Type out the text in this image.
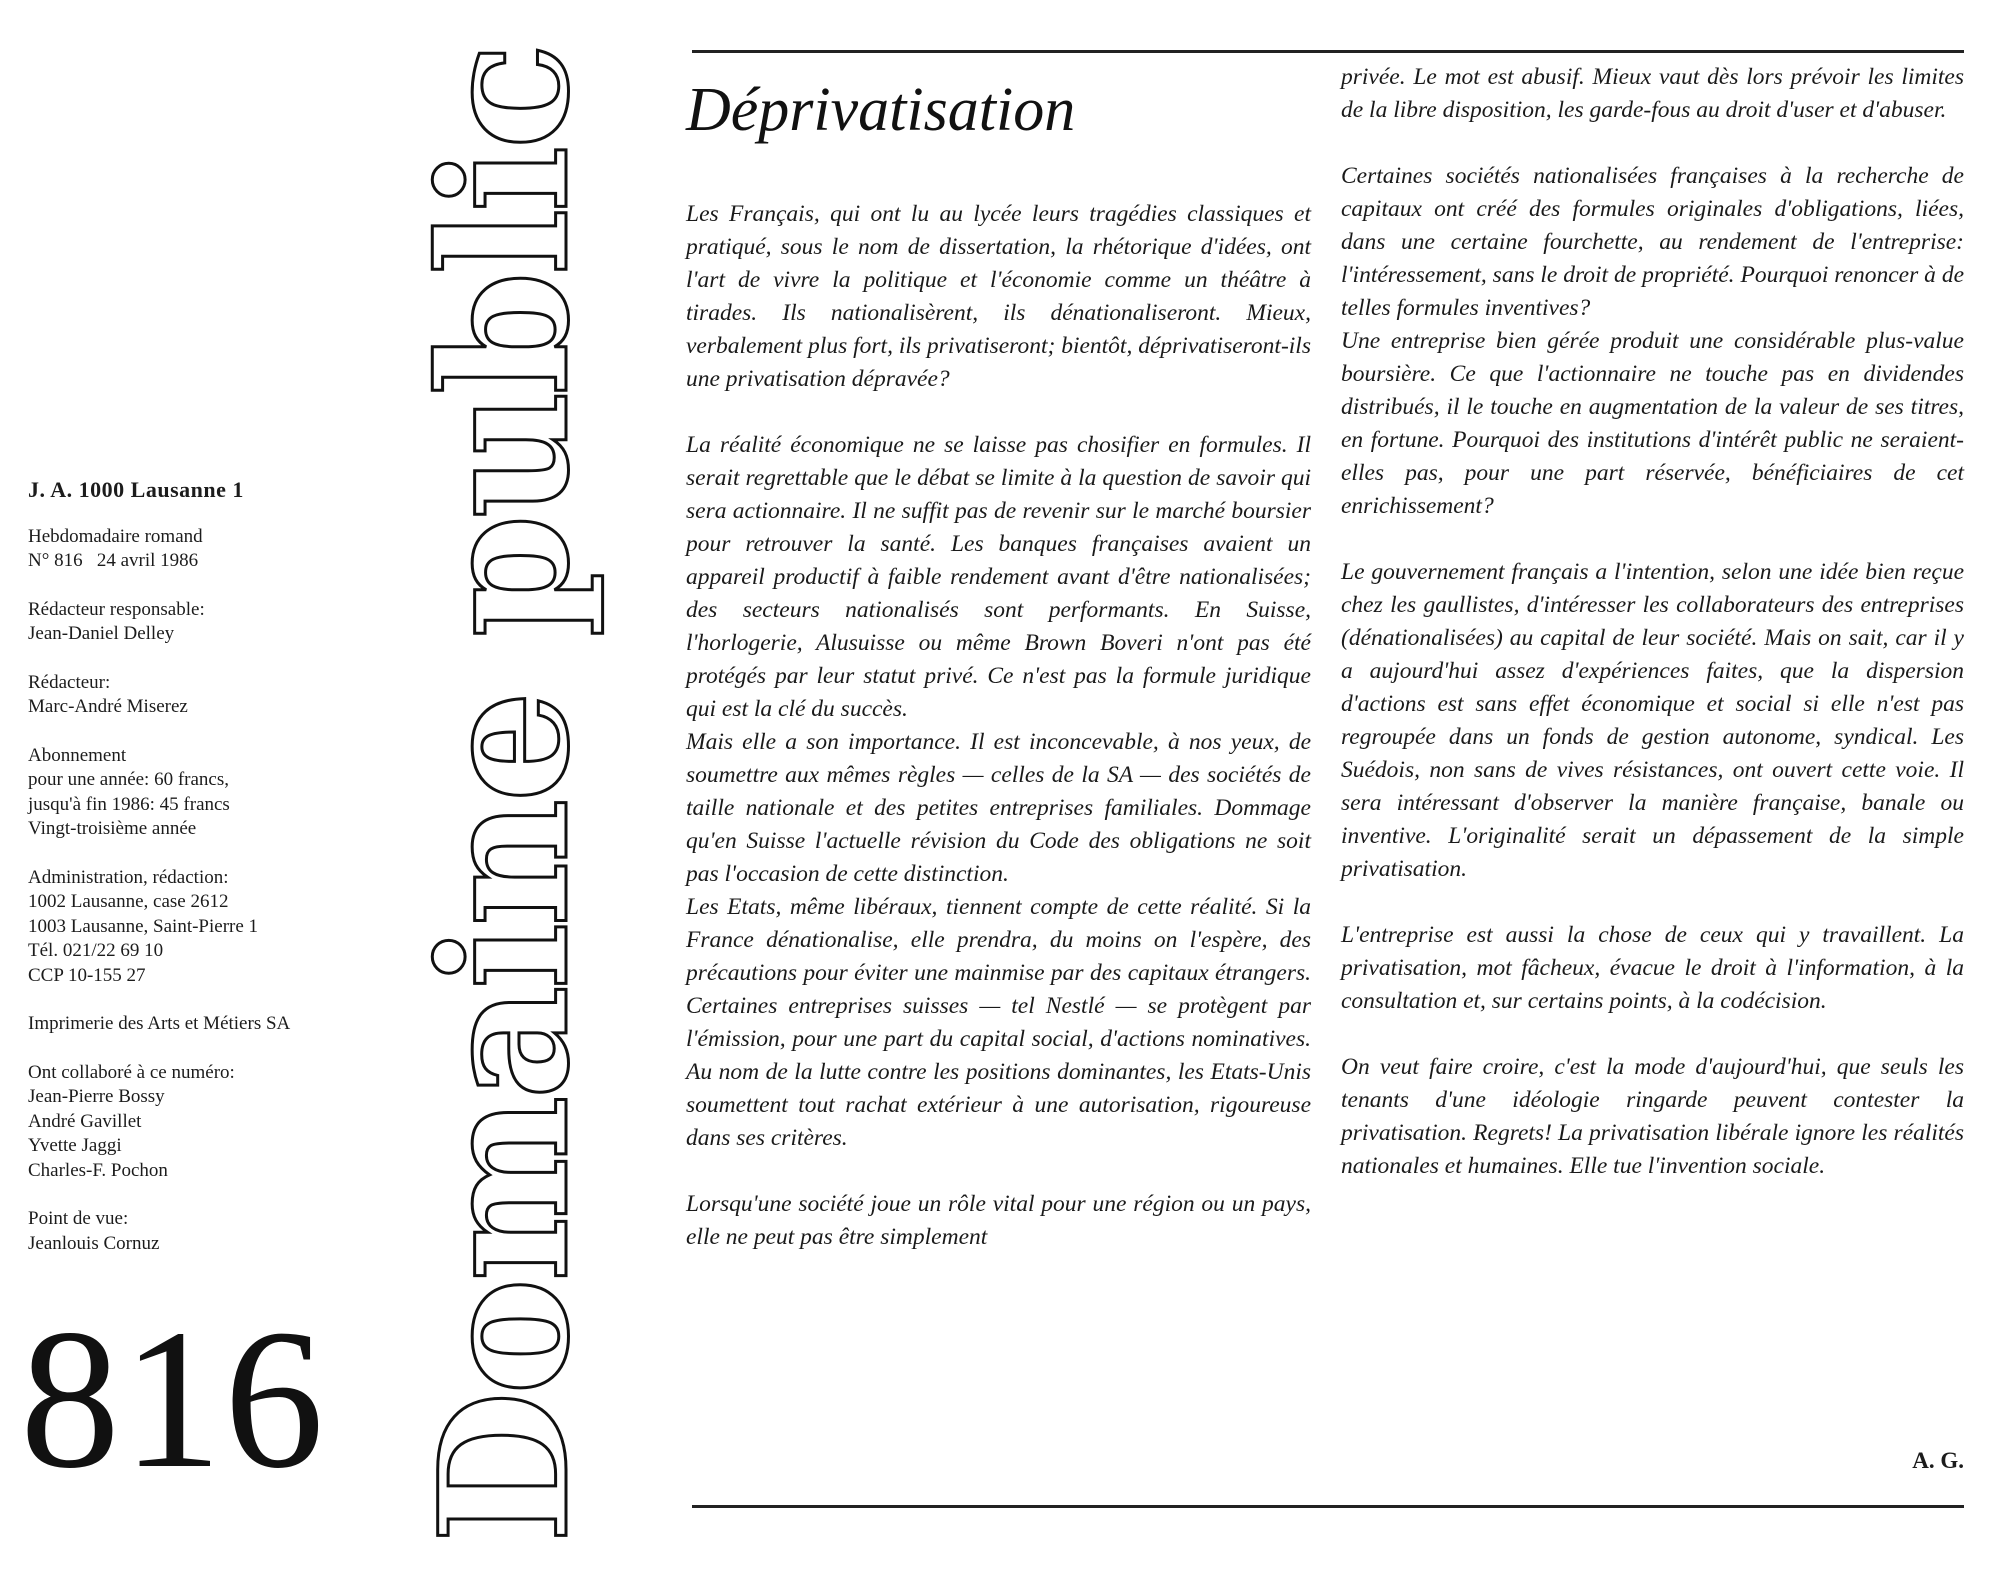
J. A. 1000 Lausanne 1
Hebdomadaire romand
N° 816   24 avril 1986
Rédacteur responsable:
Jean-Daniel Delley
Rédacteur:
Marc-André Miserez
Abonnement
pour une année: 60 francs,
jusqu'à fin 1986: 45 francs
Vingt-troisième année
Administration, rédaction:
1002 Lausanne, case 2612
1003 Lausanne, Saint-Pierre 1
Tél. 021/22 69 10
CCP 10-155 27
Imprimerie des Arts et Métiers SA
Ont collaboré à ce numéro:
Jean-Pierre Bossy
André Gavillet
Yvette Jaggi
Charles-F. Pochon
Point de vue:
Jeanlouis Cornuz
816 Domaine public Déprivatisation

Les Français, qui ont lu au lycée leurs tragédies classiques et pratiqué, sous le nom de dissertation, la rhétorique d'idées, ont l'art de vivre la politique et l'économie comme un théâtre à tirades. Ils nationalisèrent, ils dénationaliseront. Mieux, verbalement plus fort, ils privatiseront; bientôt, déprivatiseront-ils une privatisation dépravée?

La réalité économique ne se laisse pas chosifier en formules. Il serait regrettable que le débat se limite à la question de savoir qui sera actionnaire. Il ne suffit pas de revenir sur le marché boursier pour retrouver la santé. Les banques françaises avaient un appareil productif à faible rendement avant d'être nationalisées; des secteurs nationalisés sont performants. En Suisse, l'horlogerie, Alusuisse ou même Brown Boveri n'ont pas été protégés par leur statut privé. Ce n'est pas la formule juridique qui est la clé du succès.

Mais elle a son importance. Il est inconcevable, à nos yeux, de soumettre aux mêmes règles — celles de la SA — des sociétés de taille nationale et des petites entreprises familiales. Dommage qu'en Suisse l'actuelle révision du Code des obligations ne soit pas l'occasion de cette distinction.

Les Etats, même libéraux, tiennent compte de cette réalité. Si la France dénationalise, elle prendra, du moins on l'espère, des précautions pour éviter une mainmise par des capitaux étrangers. Certaines entreprises suisses — tel Nestlé — se protègent par l'émission, pour une part du capital social, d'actions nominatives. Au nom de la lutte contre les positions dominantes, les Etats-Unis soumettent tout rachat extérieur à une autorisation, rigoureuse dans ses critères.

Lorsqu'une société joue un rôle vital pour une région ou un pays, elle ne peut pas être simplement

privée. Le mot est abusif. Mieux vaut dès lors prévoir les limites de la libre disposition, les garde-fous au droit d'user et d'abuser.

Certaines sociétés nationalisées françaises à la recherche de capitaux ont créé des formules originales d'obligations, liées, dans une certaine fourchette, au rendement de l'entreprise: l'intéressement, sans le droit de propriété. Pourquoi renoncer à de telles formules inventives?

Une entreprise bien gérée produit une considérable plus-value boursière. Ce que l'actionnaire ne touche pas en dividendes distribués, il le touche en augmentation de la valeur de ses titres, en fortune. Pourquoi des institutions d'intérêt public ne seraient-elles pas, pour une part réservée, bénéficiaires de cet enrichissement?

Le gouvernement français a l'intention, selon une idée bien reçue chez les gaullistes, d'intéresser les collaborateurs des entreprises (dénationalisées) au capital de leur société. Mais on sait, car il y a aujourd'hui assez d'expériences faites, que la dispersion d'actions est sans effet économique et social si elle n'est pas regroupée dans un fonds de gestion autonome, syndical. Les Suédois, non sans de vives résistances, ont ouvert cette voie. Il sera intéressant d'observer la manière française, banale ou inventive. L'originalité serait un dépassement de la simple privatisation.

L'entreprise est aussi la chose de ceux qui y travaillent. La privatisation, mot fâcheux, évacue le droit à l'information, à la consultation et, sur certains points, à la codécision.

On veut faire croire, c'est la mode d'aujourd'hui, que seuls les tenants d'une idéologie ringarde peuvent contester la privatisation. Regrets! La privatisation libérale ignore les réalités nationales et humaines. Elle tue l'invention sociale.

A. G.
